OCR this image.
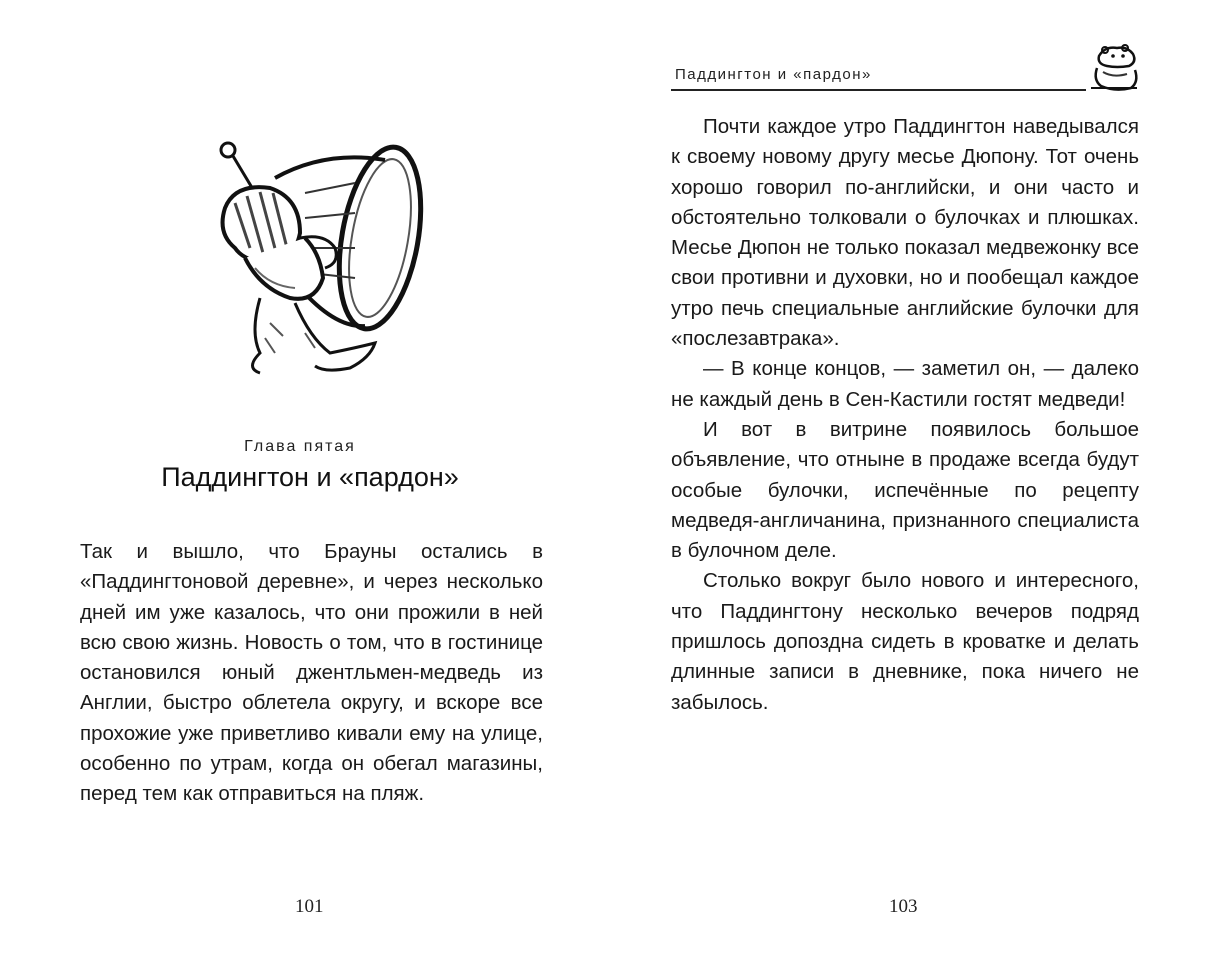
Глава пятая
Паддингтон и «пардон»

Так и вышло, что Брауны остались в «Паддингтоновой деревне», и через несколько дней им уже казалось, что они прожили в ней всю свою жизнь. Новость о том, что в гостинице остановился юный джентльмен-медведь из Англии, быстро облетела округу, и вскоре все прохожие уже приветливо кивали ему на улице, особенно по утрам, когда он обегал магазины, перед тем как отправиться на пляж.

101
Паддингтон и «пардон»

Почти каждое утро Паддингтон наведывался к своему новому другу месье Дюпону. Тот очень хорошо говорил по-английски, и они часто и обстоятельно толковали о булочках и плюшках. Месье Дюпон не только показал медвежонку все свои противни и духовки, но и пообещал каждое утро печь специальные английские булочки для «послезавтрака».

— В конце концов, — заметил он, — далеко не каждый день в Сен-Кастили гостят медведи!

И вот в витрине появилось большое объявление, что отныне в продаже всегда будут особые булочки, испечённые по рецепту медведя-англичанина, признанного специалиста в булочном деле.

Столько вокруг было нового и интересного, что Паддингтону несколько вечеров подряд пришлось допоздна сидеть в кроватке и делать длинные записи в дневнике, пока ничего не забылось.

103
